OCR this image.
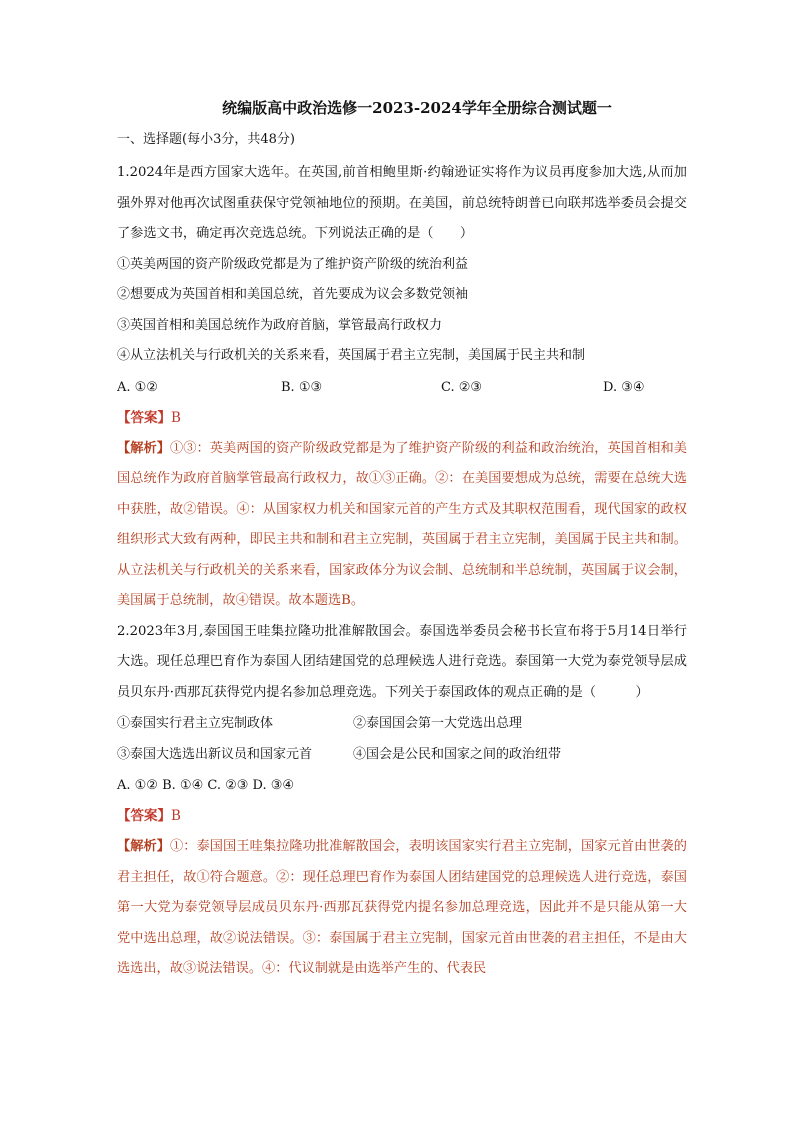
统编版高中政治选修一2023-2024学年全册综合测试题一
一、选择题(每小3分，共48分)

1.2024年是西方国家大选年。在英国,前首相鲍里斯·约翰逊证实将作为议员再度参加大选,从而加强外界对他再次试图重获保守党领袖地位的预期。在美国，前总统特朗普已向联邦选举委员会提交了参选文书，确定再次竞选总统。下列说法正确的是（　　）

①英美两国的资产阶级政党都是为了维护资产阶级的统治利益

②想要成为英国首相和美国总统，首先要成为议会多数党领袖

③英国首相和美国总统作为政府首脑，掌管最高行政权力

④从立法机关与行政机关的关系来看，英国属于君主立宪制，美国属于民主共和制

A. ①②	B. ①③	C. ②③	D. ③④

【答案】B

【解析】①③：英美两国的资产阶级政党都是为了维护资产阶级的利益和政治统治，英国首相和美国总统作为政府首脑掌管最高行政权力，故①③正确。②：在美国要想成为总统，需要在总统大选中获胜，故②错误。④：从国家权力机关和国家元首的产生方式及其职权范围看，现代国家的政权组织形式大致有两种，即民主共和制和君主立宪制，英国属于君主立宪制，美国属于民主共和制。从立法机关与行政机关的关系来看，国家政体分为议会制、总统制和半总统制，英国属于议会制，美国属于总统制，故④错误。故本题选B。

2.2023年3月,泰国国王哇集拉隆功批准解散国会。泰国选举委员会秘书长宣布将于5月14日举行大选。现任总理巴育作为泰国人团结建国党的总理候选人进行竞选。泰国第一大党为泰党领导层成员贝东丹·西那瓦获得党内提名参加总理竞选。下列关于泰国政体的观点正确的是（　　　）

①泰国实行君主立宪制政体	②泰国国会第一大党选出总理
③泰国大选选出新议员和国家元首	④国会是公民和国家之间的政治纽带

A. ①② B. ①④ C. ②③ D. ③④

【答案】B

【解析】①：泰国国王哇集拉隆功批准解散国会，表明该国家实行君主立宪制，国家元首由世袭的君主担任，故①符合题意。②：现任总理巴育作为泰国人团结建国党的总理候选人进行竞选，泰国第一大党为泰党领导层成员贝东丹·西那瓦获得党内提名参加总理竞选，因此并不是只能从第一大党中选出总理，故②说法错误。③：泰国属于君主立宪制，国家元首由世袭的君主担任，不是由大选选出，故③说法错误。④：代议制就是由选举产生的、代表民
